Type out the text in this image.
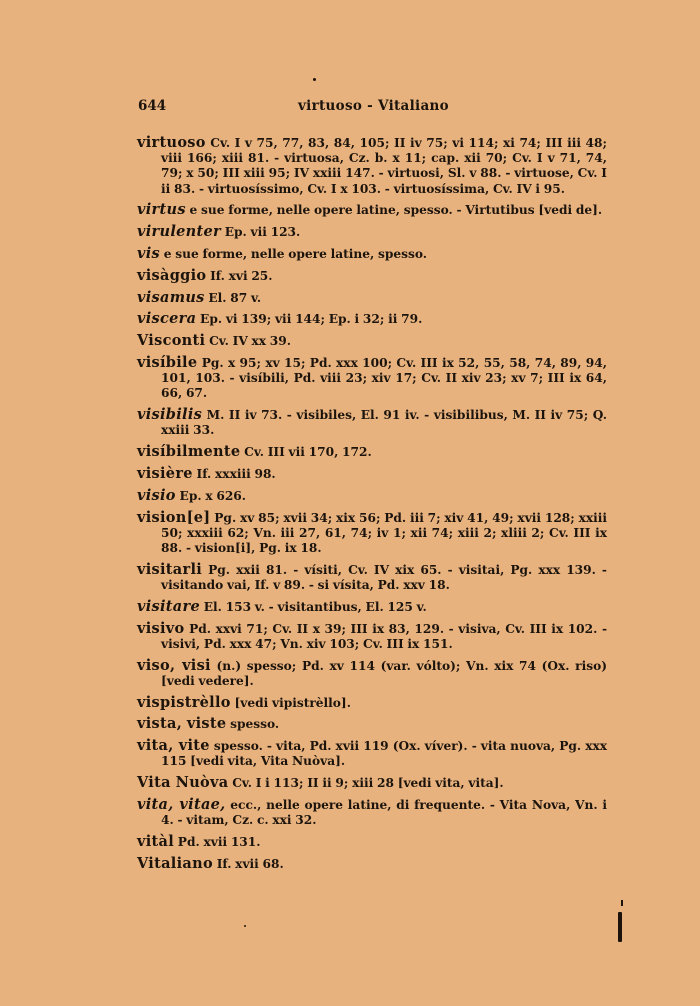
644	virtuoso - Vitaliano
virtuoso Cv. I v 75, 77, 83, 84, 105; II iv 75; vi 114; xi 74; III iii 48; viii 166; xiii 81. - virtuosa, Cz. b. x 11; cap. xii 70; Cv. I v 71, 74, 79; x 50; III xiii 95; IV xxiii 147. - virtuosi, Sl. v 88. - virtuose, Cv. I ii 83. - virtuosíssimo, Cv. I x 103. - virtuosíssima, Cv. IV i 95.
virtus e sue forme, nelle opere latine, spesso. - Virtutibus [vedi de].
virulenter Ep. vii 123.
vis e sue forme, nelle opere latine, spesso.
visàggio If. xvi 25.
visamus El. 87 v.
viscera Ep. vi 139; vii 144; Ep. i 32; ii 79.
Visconti Cv. IV xx 39.
visíbile Pg. x 95; xv 15; Pd. xxx 100; Cv. III ix 52, 55, 58, 74, 89, 94, 101, 103. - visíbili, Pd. viii 23; xiv 17; Cv. II xiv 23; xv 7; III ix 64, 66, 67.
visibilis M. II iv 73. - visibiles, El. 91 iv. - visibilibus, M. II iv 75; Q. xxiii 33.
visíbilmente Cv. III vii 170, 172.
visière If. xxxiii 98.
visio Ep. x 626.
vision[e] Pg. xv 85; xvii 34; xix 56; Pd. iii 7; xiv 41, 49; xvii 128; xxiii 50; xxxiii 62; Vn. iii 27, 61, 74; iv 1; xii 74; xiii 2; xliii 2; Cv. III ix 88. - vision[i], Pg. ix 18.
visitarli Pg. xxii 81. - vísiti, Cv. IV xix 65. - visitai, Pg. xxx 139. - visitando vai, If. v 89. - si vísita, Pd. xxv 18.
visitare El. 153 v. - visitantibus, El. 125 v.
visivo Pd. xxvi 71; Cv. II x 39; III ix 83, 129. - visiva, Cv. III ix 102. - visivi, Pd. xxx 47; Vn. xiv 103; Cv. III ix 151.
viso, visi (n.) spesso; Pd. xv 114 (var. vólto); Vn. xix 74 (Ox. riso) [vedi vedere].
vispistrèllo [vedi vipistrèllo].
vista, viste spesso.
vita, vite spesso. - vita, Pd. xvii 119 (Ox. víver). - vita nuova, Pg. xxx 115 [vedi vita, Vita Nuòva].
Vita Nuòva Cv. I i 113; II ii 9; xiii 28 [vedi vita, vita].
vita, vitae, ecc., nelle opere latine, di frequente. - Vita Nova, Vn. i 4. - vitam, Cz. c. xxi 32.
vitàl Pd. xvii 131.
Vitaliano If. xvii 68.
